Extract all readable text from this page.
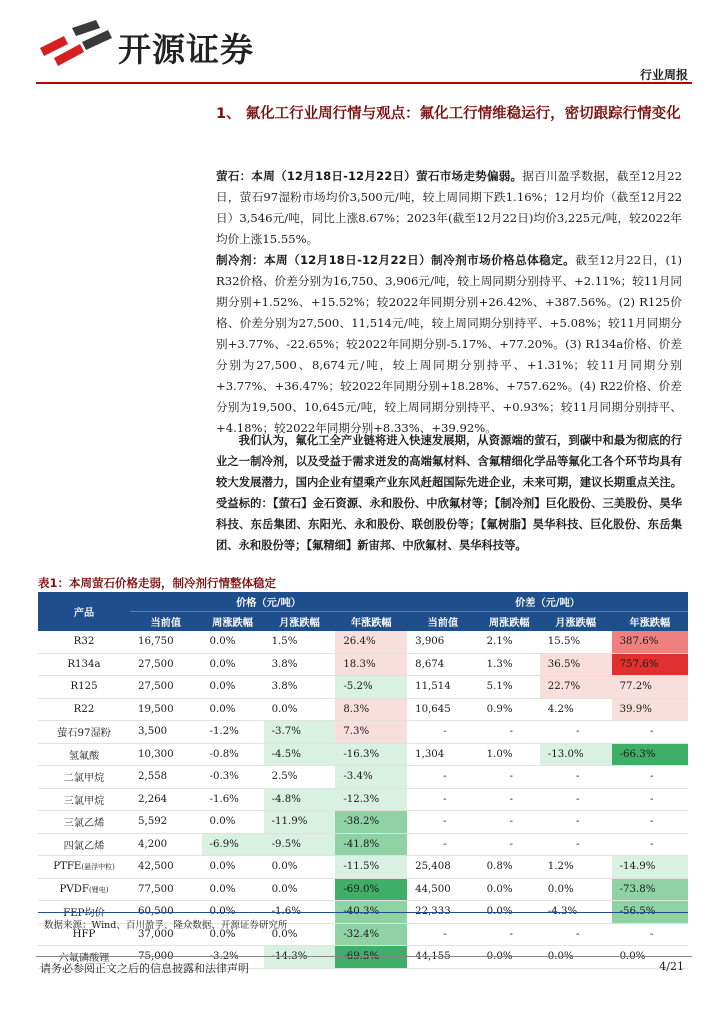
开源证券
行业周报
1、 氟化工行业周行情与观点：氟化工行情维稳运行，密切跟踪行情变化
萤石：本周（12月18日-12月22日）萤石市场走势偏弱。据百川盈孚数据，截至12月22日，萤石97湿粉市场均价3,500元/吨，较上周同期下跌1.16%；12月均价（截至12月22日）3,546元/吨，同比上涨8.67%；2023年(截至12月22日)均价3,225元/吨，较2022年均价上涨15.55%。
制冷剂：本周（12月18日-12月22日）制冷剂市场价格总体稳定。截至12月22日，(1) R32价格、价差分别为16,750、3,906元/吨，较上周同期分别持平、+2.11%；较11月同期分别+1.52%、+15.52%；较2022年同期分别+26.42%、+387.56%。(2) R125价格、价差分别为27,500、11,514元/吨，较上周同期分别持平、+5.08%；较11月同期分别+3.77%、-22.65%；较2022年同期分别-5.17%、+77.20%。(3) R134a价格、价差分别为27,500、8,674元/吨，较上周同期分别持平、+1.31%；较11月同期分别+3.77%、+36.47%；较2022年同期分别+18.28%、+757.62%。(4) R22价格、价差分别为19,500、10,645元/吨，较上周同期分别持平、+0.93%；较11月同期分别持平、+4.18%；较2022年同期分别+8.33%、+39.92%。
我们认为，氟化工全产业链将进入快速发展期，从资源端的萤石，到碳中和最为彻底的行业之一制冷剂，以及受益于需求迸发的高端氟材料、含氟精细化学品等氟化工各个环节均具有较大发展潜力，国内企业有望乘产业东风赶超国际先进企业，未来可期，建议长期重点关注。受益标的：【萤石】金石资源、永和股份、中欣氟材等；【制冷剂】巨化股份、三美股份、昊华科技、东岳集团、东阳光、永和股份、联创股份等；【氟树脂】昊华科技、巨化股份、东岳集团、永和股份等；【氟精细】新宙邦、中欣氟材、昊华科技等。
表1：本周萤石价格走弱，制冷剂行情整体稳定
产品	价格（元/吨）				价差（元/吨）			
	当前值	周涨跌幅	月涨跌幅	年涨跌幅	当前值	周涨跌幅	月涨跌幅	年涨跌幅
R32	16,750	0.0%	1.5%	26.4%	3,906	2.1%	15.5%	387.6%
R134a	27,500	0.0%	3.8%	18.3%	8,674	1.3%	36.5%	757.6%
R125	27,500	0.0%	3.8%	-5.2%	11,514	5.1%	22.7%	77.2%
R22	19,500	0.0%	0.0%	8.3%	10,645	0.9%	4.2%	39.9%
萤石97湿粉	3,500	-1.2%	-3.7%	7.3%	-	-	-	-
氢氟酸	10,300	-0.8%	-4.5%	-16.3%	1,304	1.0%	-13.0%	-66.3%
二氯甲烷	2,558	-0.3%	2.5%	-3.4%	-	-	-	-
三氯甲烷	2,264	-1.6%	-4.8%	-12.3%	-	-	-	-
三氯乙烯	5,592	0.0%	-11.9%	-38.2%	-	-	-	-
四氯乙烯	4,200	-6.9%	-9.5%	-41.8%	-	-	-	-
PTFE(悬浮中粒)	42,500	0.0%	0.0%	-11.5%	25,408	0.8%	1.2%	-14.9%
PVDF(锂电)	77,500	0.0%	0.0%	-69.0%	44,500	0.0%	0.0%	-73.8%
FEP均价	60,500	0.0%	-1.6%	-40.3%	22,333	0.0%	-4.3%	-56.5%
HFP	37,000	0.0%	0.0%	-32.4%	-	-	-	-
六氟磷酸锂	75,000	-3.2%	-14.3%	-69.5%	44,155	0.0%	0.0%	0.0%
数据来源：Wind、百川盈孚、隆众数据、开源证券研究所
请务必参阅正文之后的信息披露和法律声明	4/21
